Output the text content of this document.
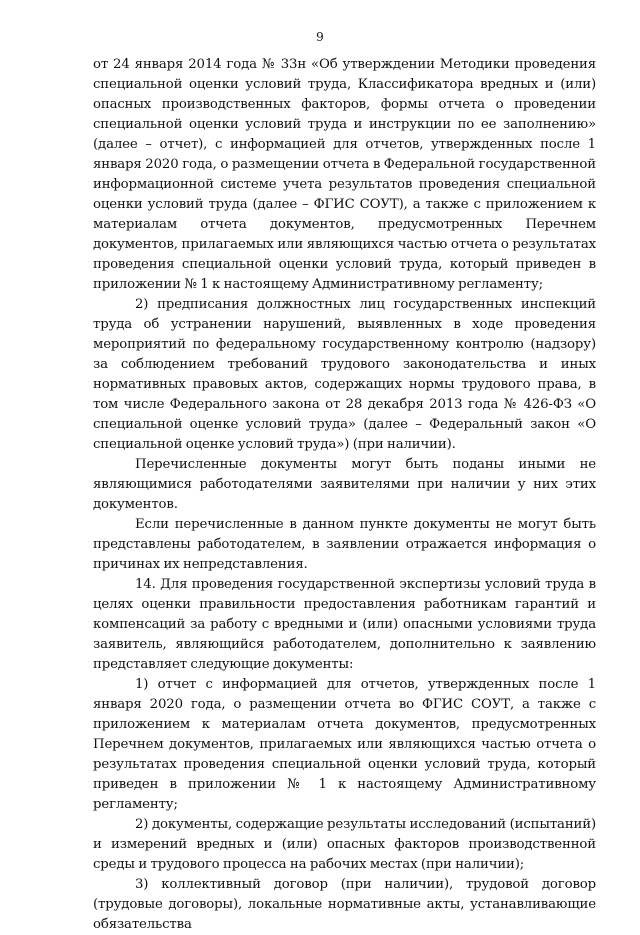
9

от 24 января 2014 года № 33н «Об утверждении Методики проведения специальной оценки условий труда, Классификатора вредных и (или) опасных производственных факторов, формы отчета о проведении специальной оценки условий труда и инструкции по ее заполнению» (далее – отчет), с информацией для отчетов, утвержденных после 1 января 2020 года, о размещении отчета в Федеральной государственной информационной системе учета результатов проведения специальной оценки условий труда (далее – ФГИС СОУТ), а также с приложением к материалам отчета документов, предусмотренных Перечнем документов, прилагаемых или являющихся частью отчета о результатах проведения специальной оценки условий труда, который приведен в приложении № 1 к настоящему Административному регламенту;

2) предписания должностных лиц государственных инспекций труда об устранении нарушений, выявленных в ходе проведения мероприятий по федеральному государственному контролю (надзору) за соблюдением требований трудового законодательства и иных нормативных правовых актов, содержащих нормы трудового права, в том числе Федерального закона от 28 декабря 2013 года № 426-ФЗ «О специальной оценке условий труда» (далее – Федеральный закон «О специальной оценке условий труда») (при наличии).

Перечисленные документы могут быть поданы иными не являющимися работодателями заявителями при наличии у них этих документов.

Если перечисленные в данном пункте документы не могут быть представлены работодателем, в заявлении отражается информация о причинах их непредставления.

14. Для проведения государственной экспертизы условий труда в целях оценки правильности предоставления работникам гарантий и компенсаций за работу с вредными и (или) опасными условиями труда заявитель, являющийся работодателем, дополнительно к заявлению представляет следующие документы:

1) отчет с информацией для отчетов, утвержденных после 1 января 2020 года, о размещении отчета во ФГИС СОУТ, а также с приложением к материалам отчета документов, предусмотренных Перечнем документов, прилагаемых или являющихся частью отчета о результатах проведения специальной оценки условий труда, который приведен в приложении № 1 к настоящему Административному регламенту;

2) документы, содержащие результаты исследований (испытаний) и измерений вредных и (или) опасных факторов производственной среды и трудового процесса на рабочих местах (при наличии);

3) коллективный договор (при наличии), трудовой договор (трудовые договоры), локальные нормативные акты, устанавливающие обязательства
